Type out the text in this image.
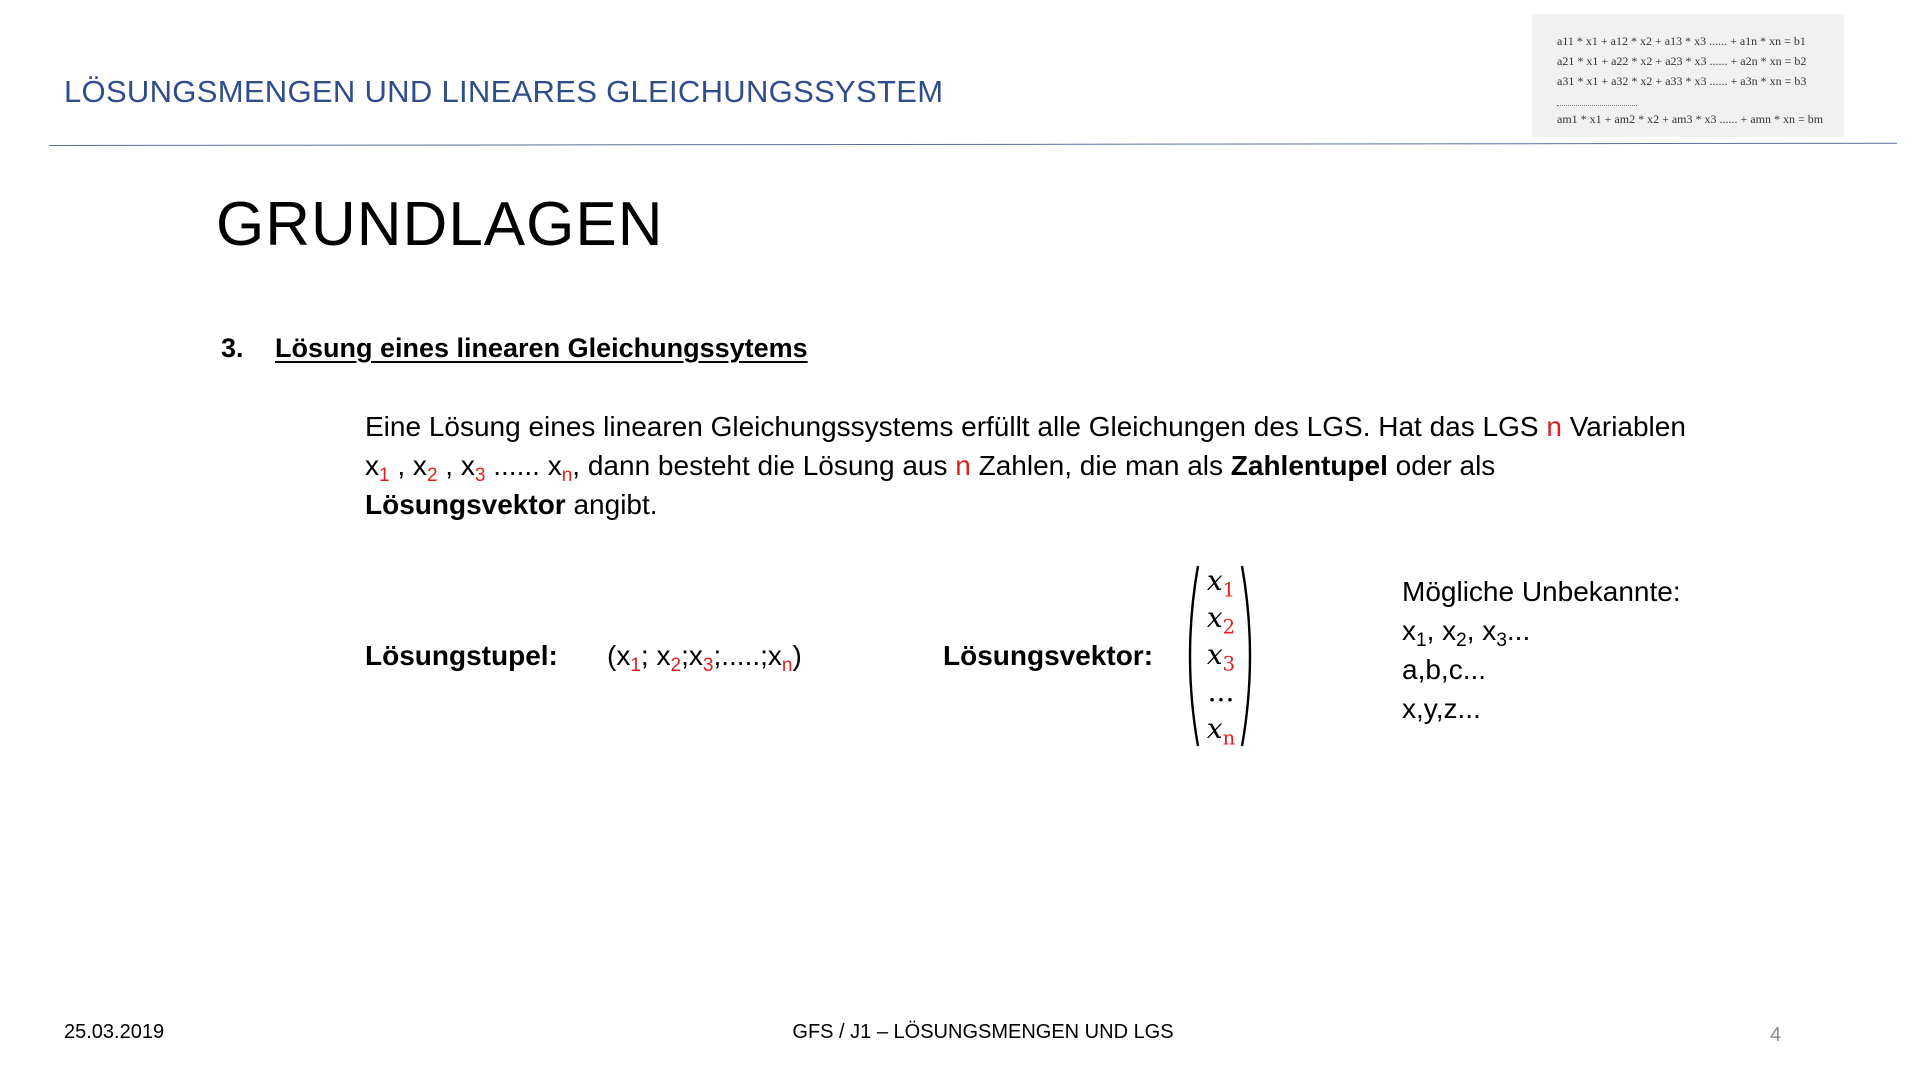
LÖSUNGSMENGEN UND LINEARES GLEICHUNGSSYSTEM
a11 * x1 + a12 * x2 + a13 * x3 ...... + a1n * xn = b1
a21 * x1 + a22 * x2 + a23 * x3 ...... + a2n * xn = b2
a31 * x1 + a32 * x2 + a33 * x3 ...... + a3n * xn = b3
am1 * x1 + am2 * x2 + am3 * x3 ...... + amn * xn = bm
GRUNDLAGEN
3. Lösung eines linearen Gleichungssytems
Eine Lösung eines linearen Gleichungssystems erfüllt alle Gleichungen des LGS. Hat das LGS n Variablen $x_1$ , $x_2$ , $x_3$ ...... $x_n$, dann besteht die Lösung aus n Zahlen, die man als Zahlentupel oder als Lösungsvektor angibt.
Lösungstupel: ($x_1$; $x_2;x_3;.....;x_n$)	Lösungsvektor:
$x_1$
$x_2$
$x_3$
...
$x_n$
Mögliche Unbekannte:
$x_1$, $x_2$, $x_3$...
a,b,c...
x,y,z...
25.03.2019	GFS / J1 – LÖSUNGSMENGEN UND LGS	4
